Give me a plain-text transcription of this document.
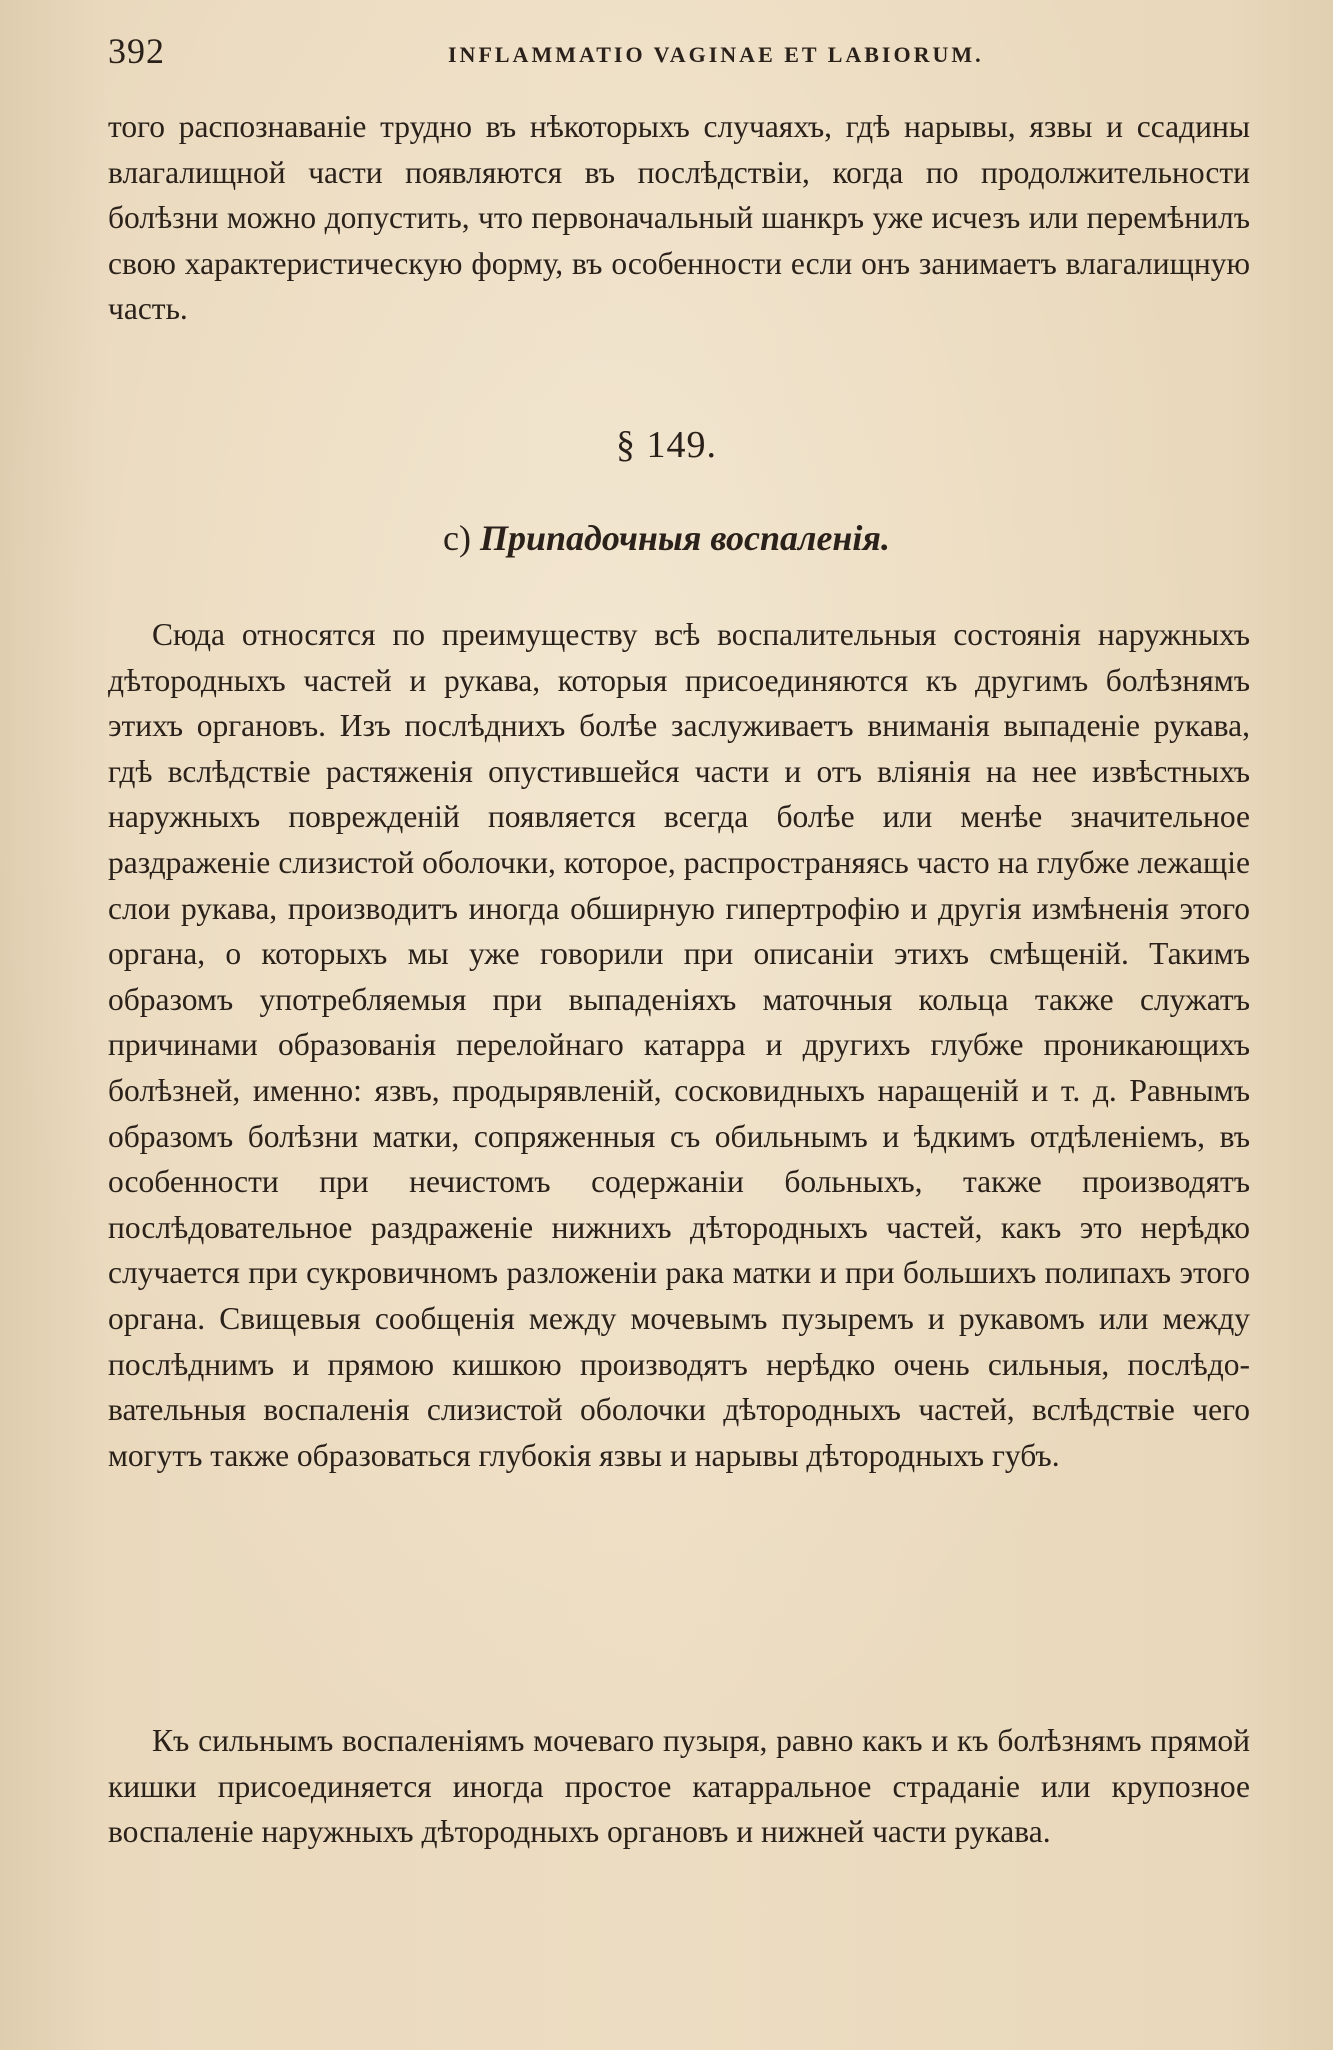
392	INFLAMMATIO VAGINAE ET LABIORUM.

того распознаваніе трудно въ нѣкоторыхъ случаяхъ, гдѣ нарывы, язвы и ссадины влагалищной части появляются въ послѣдствіи, когда по продолжительности болѣзни можно допустить, что первоначальный шанкръ уже исчезъ или перемѣнилъ свою характеристическую форму, въ особенности если онъ занимаетъ влагалищную часть.

§ 149.
c) Припадочныя воспаленія.

Сюда относятся по преимуществу всѣ воспалительныя состоянія наружныхъ дѣтородныхъ частей и рукава, которыя присоединяются къ другимъ болѣзнямъ этихъ органовъ. Изъ послѣднихъ болѣе заслуживаетъ вниманія выпаденіе рукава, гдѣ вслѣдствіе растяженія опустившейся части и отъ вліянія на нее извѣстныхъ наружныхъ поврежденій появляется всегда болѣе или менѣе значительное раздраженіе слизистой оболочки, которое, распространяясь часто на глубже лежащіе слои рукава, производитъ иногда обширную гипертрофію и другія измѣненія этого органа, о которыхъ мы уже говорили при описаніи этихъ смѣщеній. Такимъ образомъ употребляемыя при выпаденіяхъ маточныя кольца также служатъ причинами образованія перелойнаго катарра и другихъ глубже проникающихъ болѣзней, именно: язвъ, продырявленій, сосковидныхъ наращеній и т. д. Равнымъ образомъ болѣзни матки, сопряженныя съ обильнымъ и ѣдкимъ отдѣленіемъ, въ особенности при нечистомъ содержаніи больныхъ, также производятъ послѣдовательное раздраженіе нижнихъ дѣтородныхъ частей, какъ это нерѣдко случается при сукровичномъ разложеніи рака матки и при большихъ полипахъ этого органа. Свищевыя сообщенія между мочевымъ пузыремъ и рукавомъ или между послѣднимъ и прямою кишкою производятъ нерѣдко очень сильныя, послѣдовательныя воспаленія слизистой оболочки дѣтородныхъ частей, вслѣдствіе чего могутъ также образоваться глубокія язвы и нарывы дѣтородныхъ губъ.

Къ сильнымъ воспаленіямъ мочеваго пузыря, равно какъ и къ болѣзнямъ прямой кишки присоединяется иногда простое катарральное страданіе или крупозное воспаленіе наружныхъ дѣтородныхъ органовъ и нижней части рукава.
